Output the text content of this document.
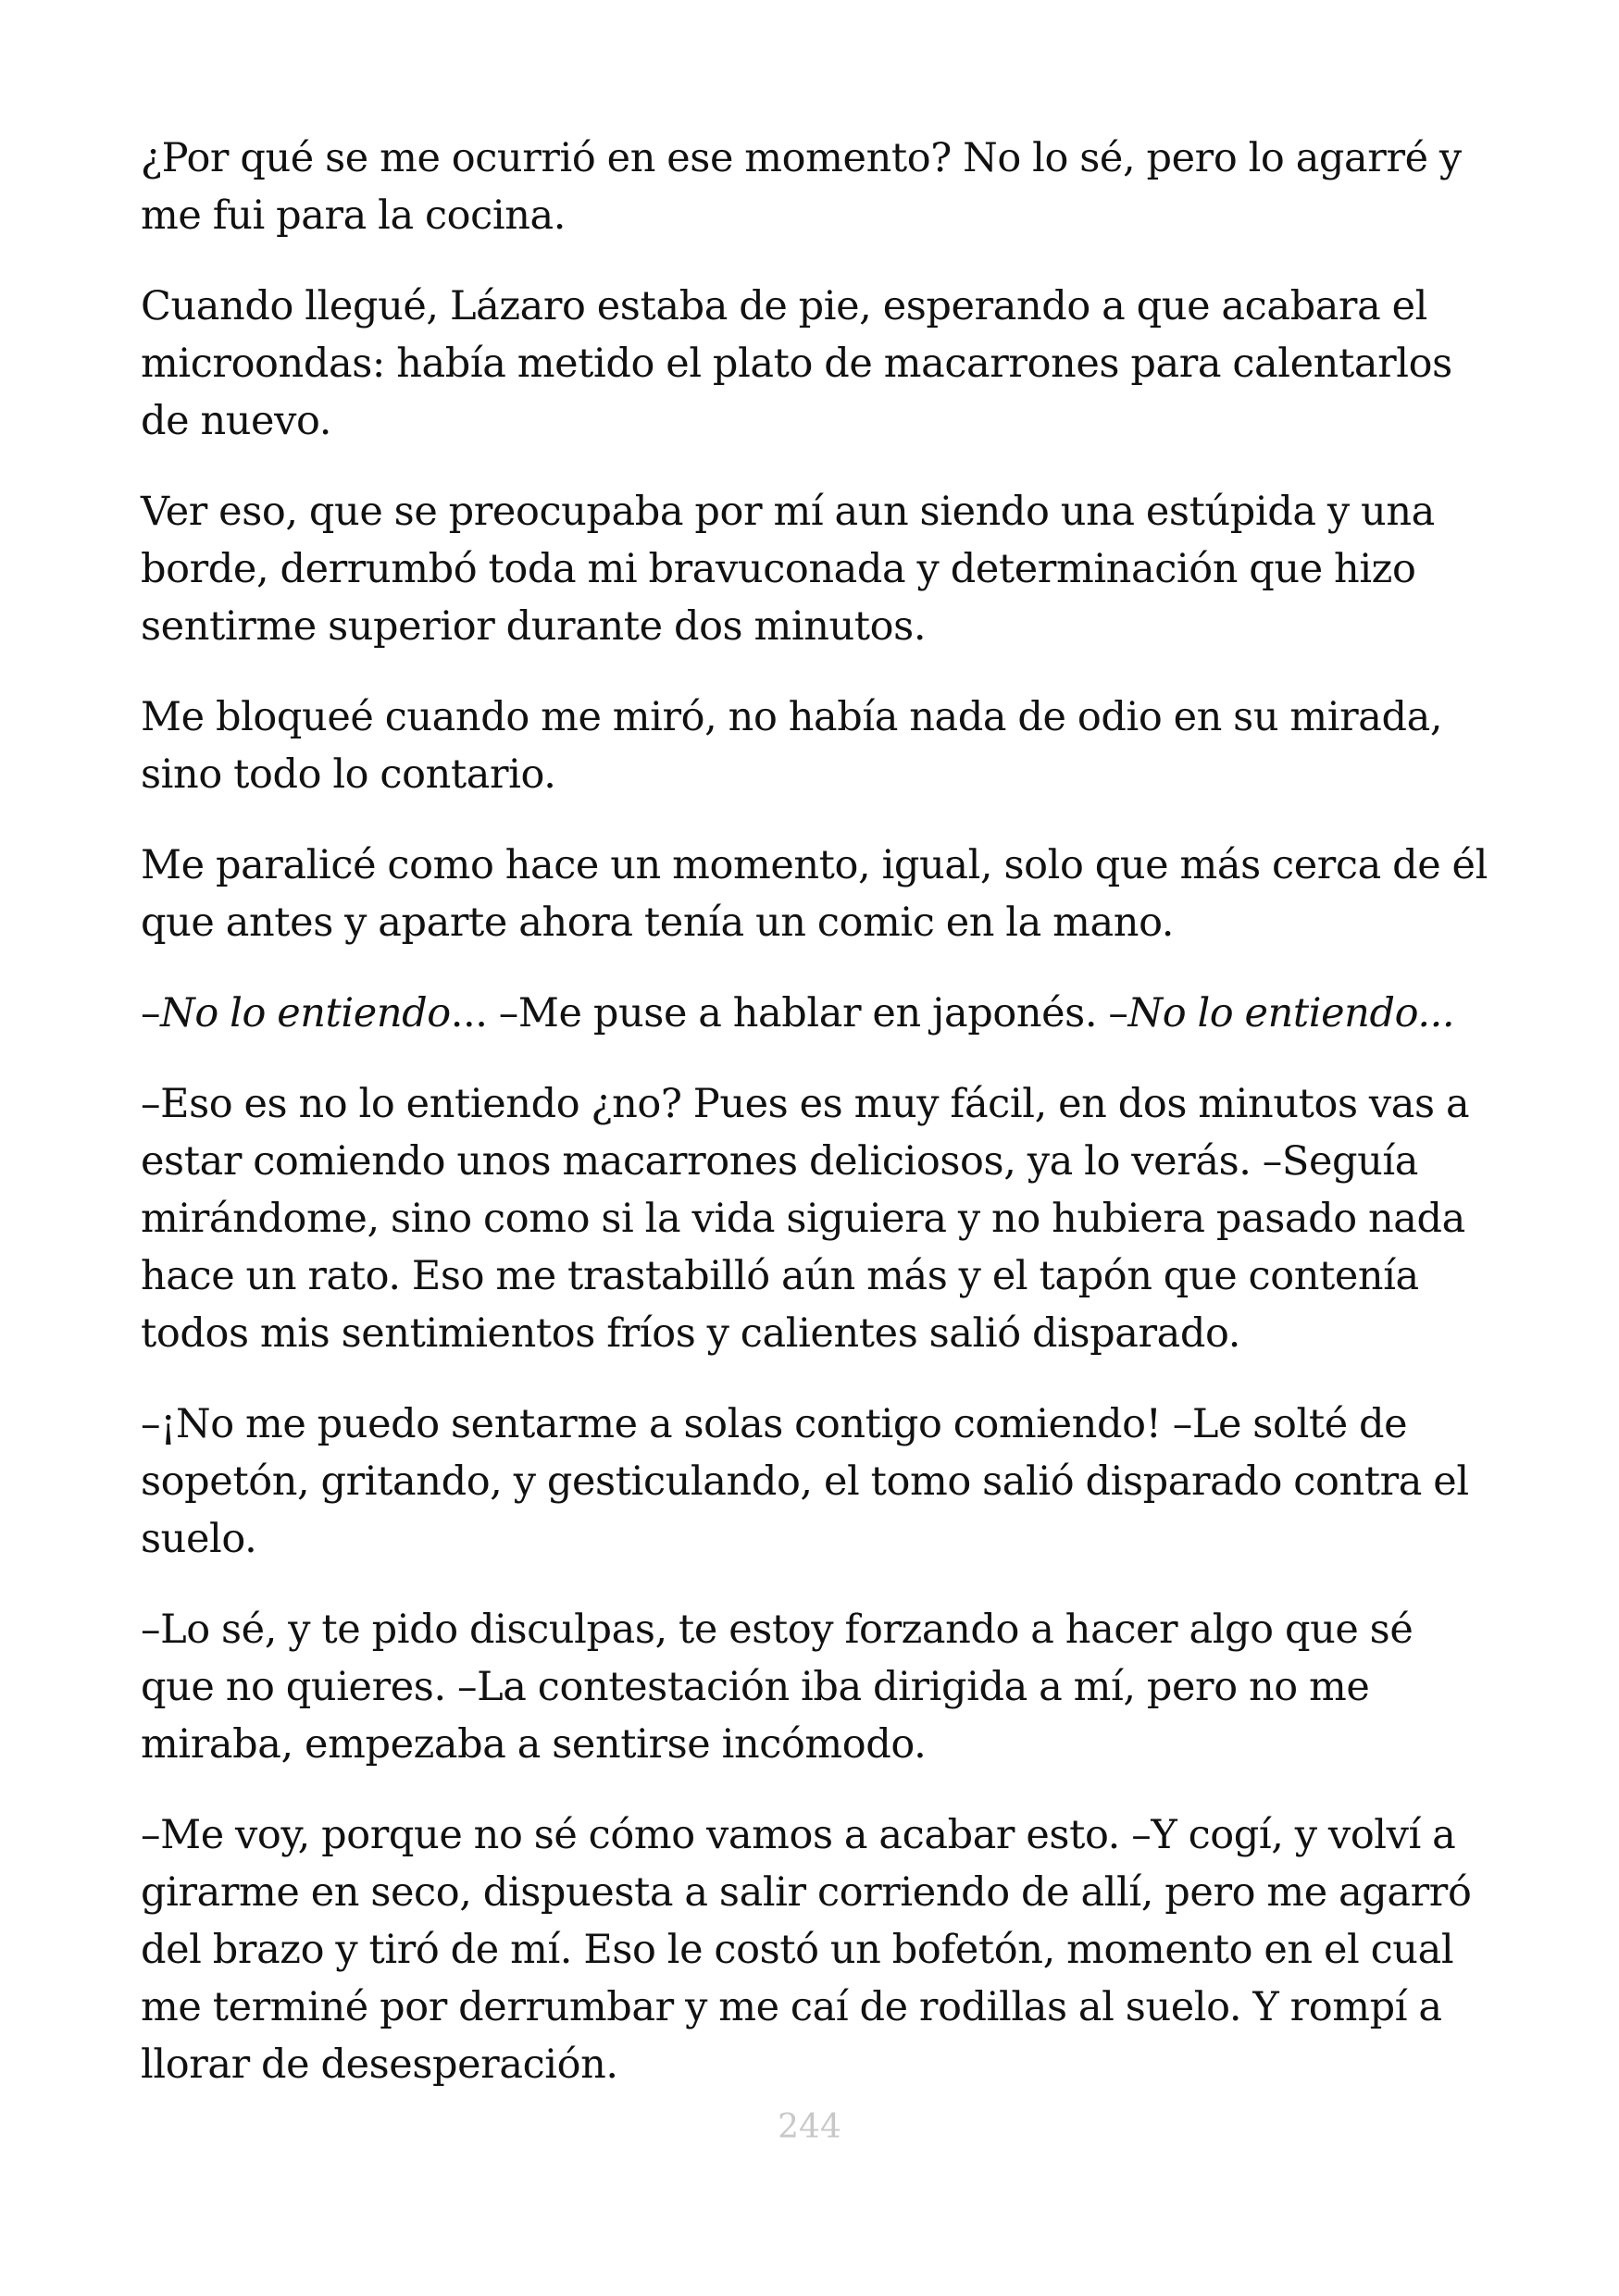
¿Por qué se me ocurrió en ese momento? No lo sé, pero lo agarré y me fui para la cocina.

Cuando llegué, Lázaro estaba de pie, esperando a que acabara el microondas: había metido el plato de macarrones para calentarlos de nuevo.

Ver eso, que se preocupaba por mí aun siendo una estúpida y una borde, derrumbó toda mi bravuconada y determinación que hizo sentirme superior durante dos minutos.

Me bloqueé cuando me miró, no había nada de odio en su mirada, sino todo lo contario.

Me paralicé como hace un momento, igual, solo que más cerca de él que antes y aparte ahora tenía un comic en la mano.

–No lo entiendo... –Me puse a hablar en japonés. –No lo entiendo...

–Eso es no lo entiendo ¿no? Pues es muy fácil, en dos minutos vas a estar comiendo unos macarrones deliciosos, ya lo verás. –Seguía mirándome, sino como si la vida siguiera y no hubiera pasado nada hace un rato. Eso me trastabilló aún más y el tapón que contenía todos mis sentimientos fríos y calientes salió disparado.

–¡No me puedo sentarme a solas contigo comiendo! –Le solté de sopetón, gritando, y gesticulando, el tomo salió disparado contra el suelo.

–Lo sé, y te pido disculpas, te estoy forzando a hacer algo que sé que no quieres. –La contestación iba dirigida a mí, pero no me miraba, empezaba a sentirse incómodo.

–Me voy, porque no sé cómo vamos a acabar esto. –Y cogí, y volví a girarme en seco, dispuesta a salir corriendo de allí, pero me agarró del brazo y tiró de mí. Eso le costó un bofetón, momento en el cual me terminé por derrumbar y me caí de rodillas al suelo. Y rompí a llorar de desesperación.

244
